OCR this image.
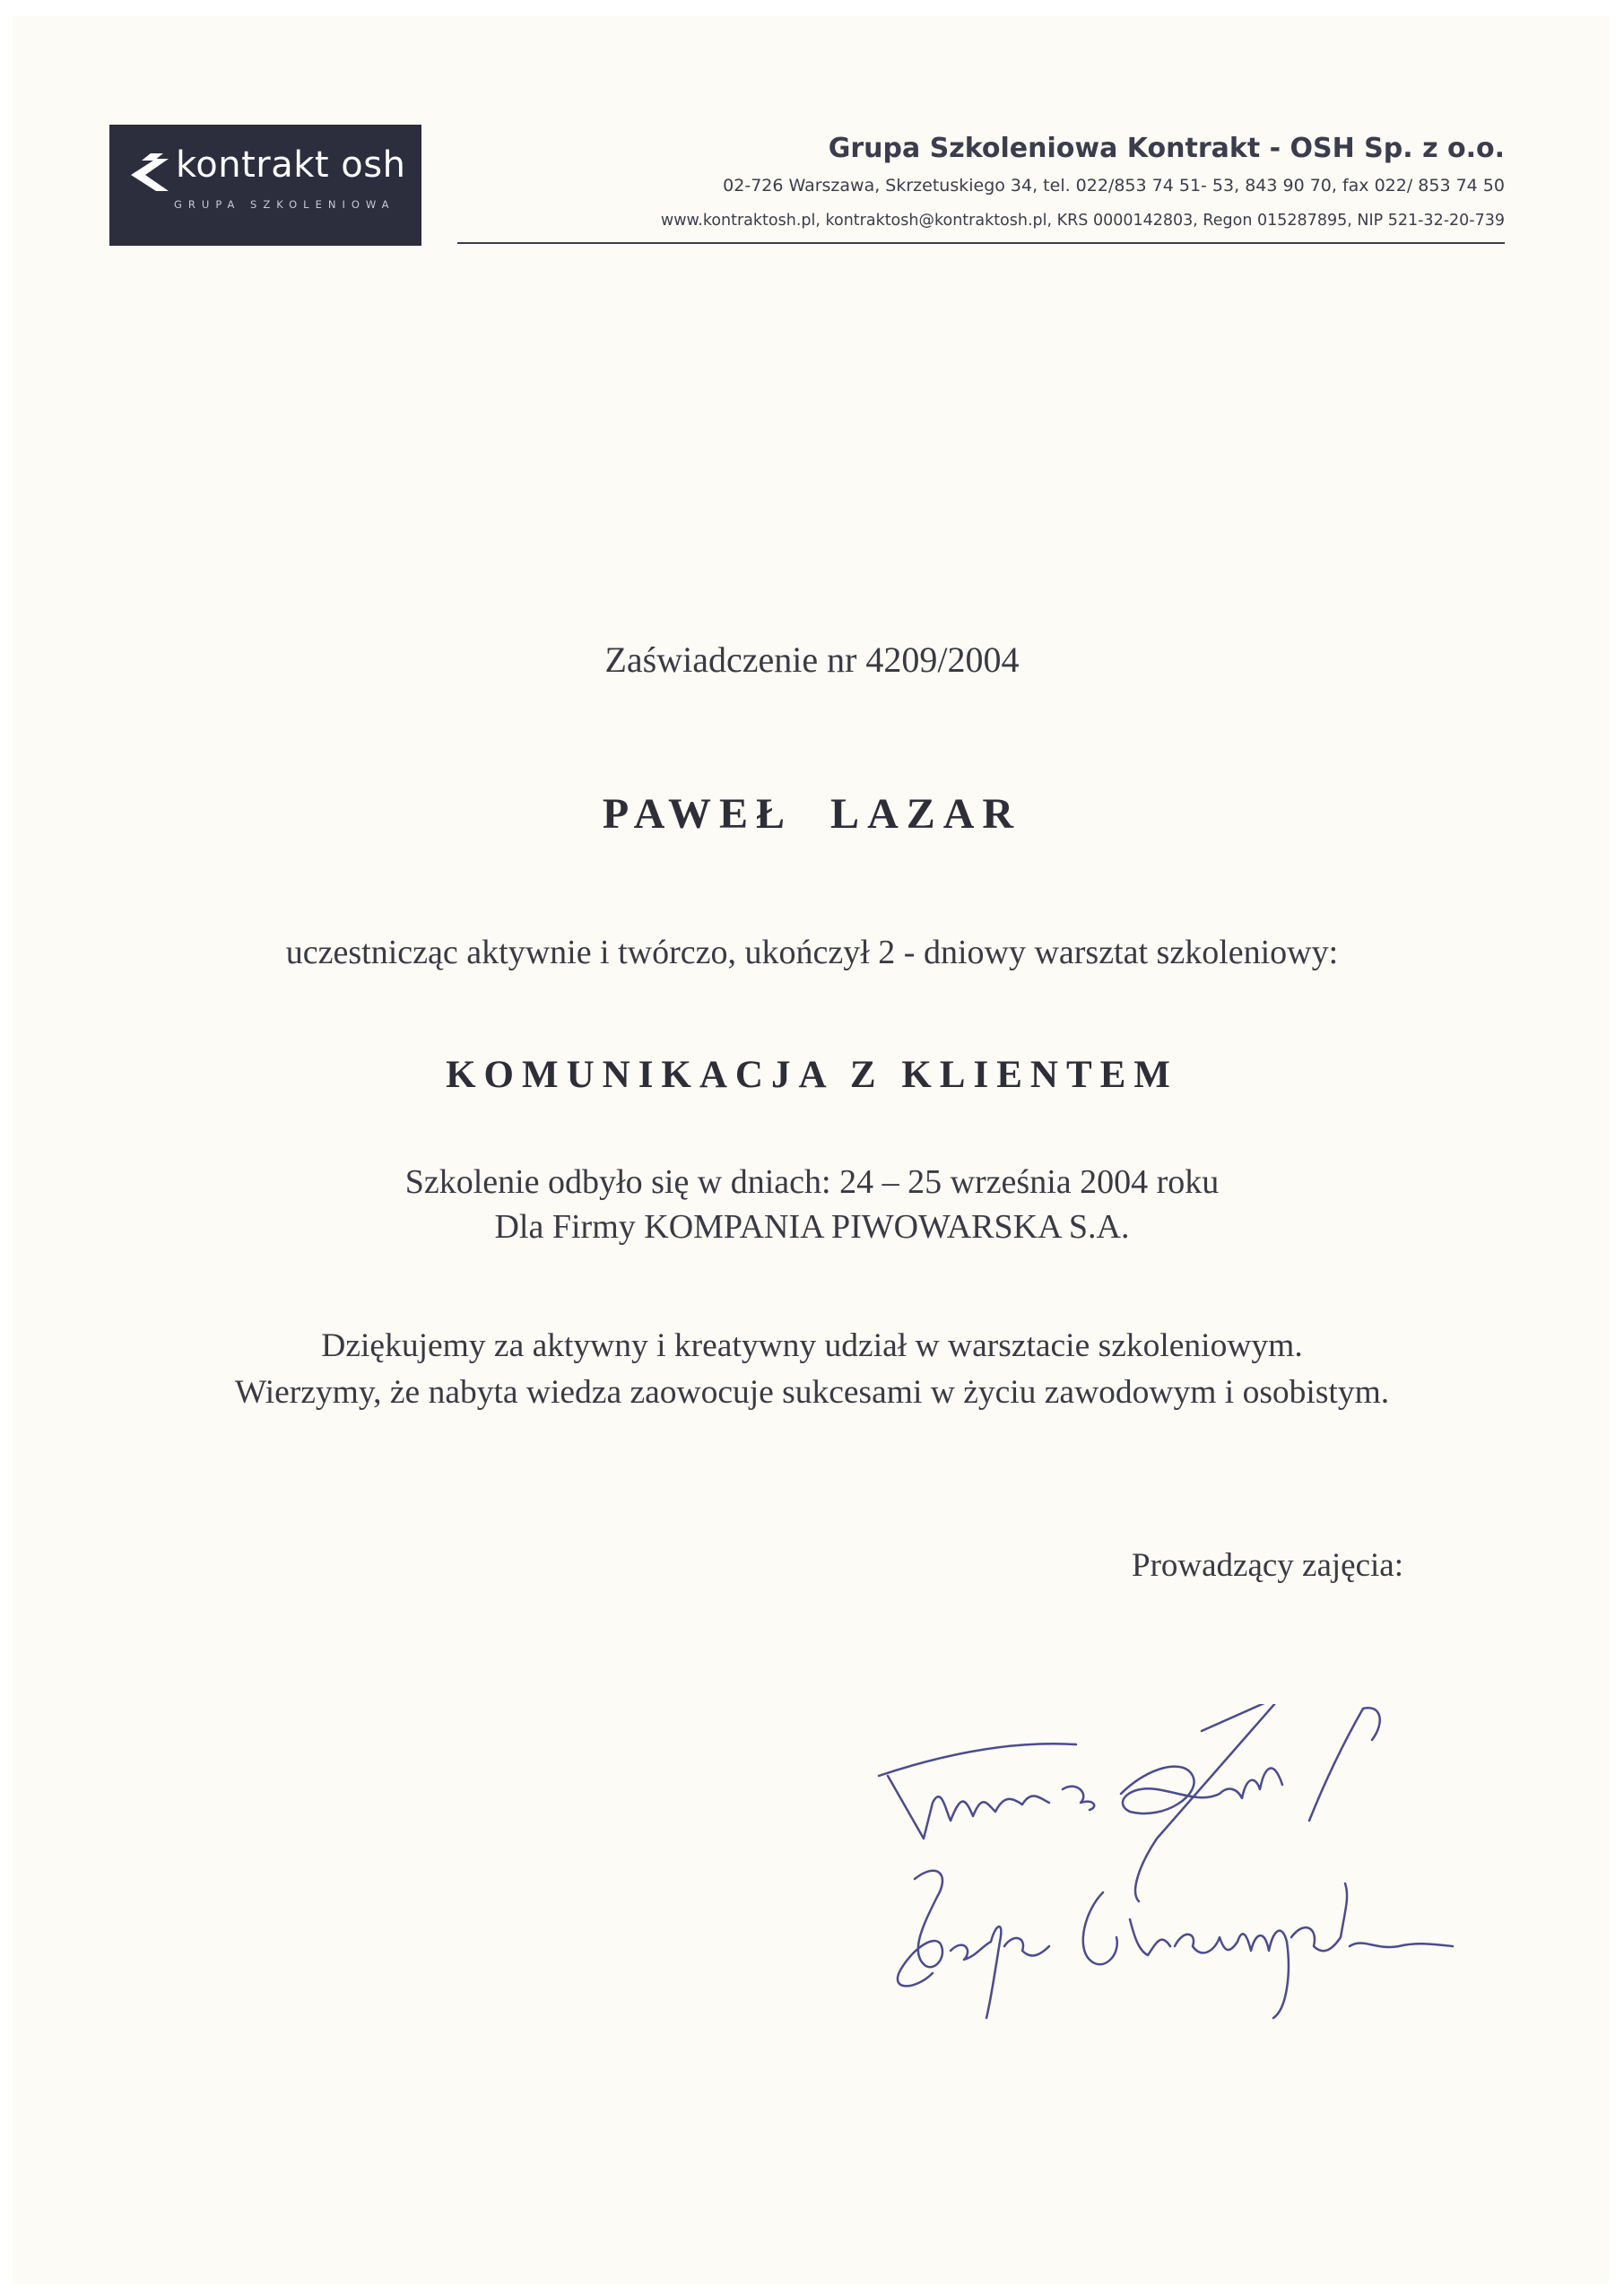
kontrakt osh
GRUPA SZKOLENIOWA
Grupa Szkoleniowa Kontrakt - OSH Sp. z o.o.
02-726 Warszawa, Skrzetuskiego 34, tel. 022/853 74 51- 53, 843 90 70, fax 022/ 853 74 50
www.kontraktosh.pl, kontraktosh@kontraktosh.pl, KRS 0000142803, Regon 015287895, NIP 521-32-20-739
Zaświadczenie nr 4209/2004
PAWEŁ  LAZAR
uczestnicząc aktywnie i twórczo, ukończył 2 - dniowy warsztat szkoleniowy:
KOMUNIKACJA Z KLIENTEM
Szkolenie odbyło się w dniach: 24 – 25 września 2004 roku
Dla Firmy KOMPANIA PIWOWARSKA S.A.
Dziękujemy za aktywny i kreatywny udział w warsztacie szkoleniowym.
Wierzymy, że nabyta wiedza zaowocuje sukcesami w życiu zawodowym i osobistym.
Prowadzący zajęcia:
